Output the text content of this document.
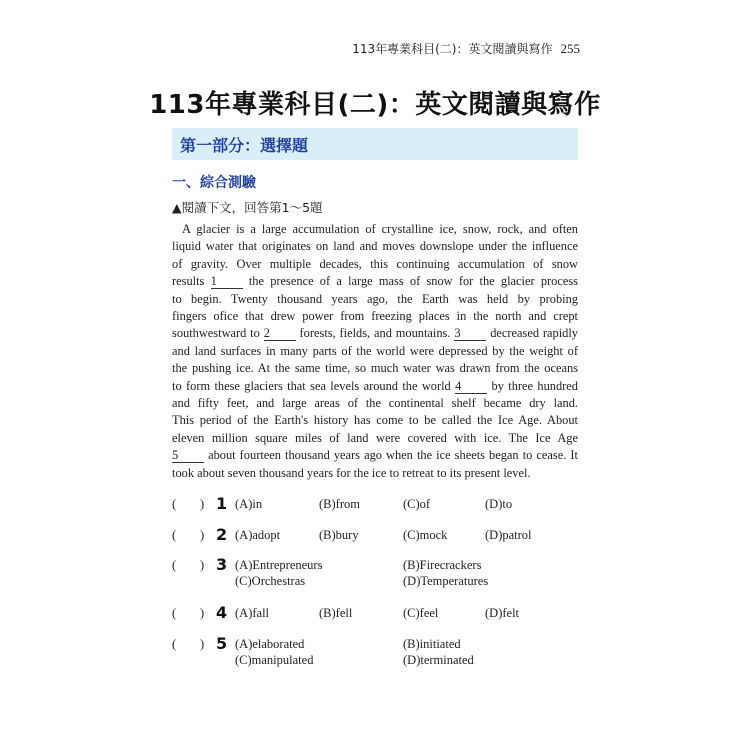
113年專業科目(二)：英文閱讀與寫作 255
113年專業科目(二)：英文閱讀與寫作
第一部分：選擇題
一、綜合測驗
▲閱讀下文，回答第1～5題
A glacier is a large accumulation of crystalline ice, snow, rock, and often
liquid water that originates on land and moves downslope under the influence
of gravity. Over multiple decades, this continuing accumulation of snow
results 1	the presence of a large mass of snow for the glacier process
to begin. Twenty thousand years ago, the Earth was held by probing
fingers ofice that drew power from freezing places in the north and crept
southwestward to 2 forests, fields, and mountains. 3 decreased rapidly
and land surfaces in many parts of the world were depressed by the weight of
the pushing ice. At the same time, so much water was drawn from the oceans
to form these glaciers that sea levels around the world 4 by three hundred
and fifty feet, and large areas of the continental shelf became dry land.
This period of the Earth's history has come to be called the Ice Age. About
eleven million square miles of land were covered with ice. The Ice Age
5 about fourteen thousand years ago when the ice sheets began to cease. It
took about seven thousand years for the ice to retreat to its present level.
( ) 1 (A)in	(B)from	(C)of	(D)to
( ) 2 (A)adopt	(B)bury	(C)mock	(D)patrol
( ) 3 (A)Entrepreneurs	(B)Firecrackers
(C)Orchestras	(D)Temperatures
( ) 4 (A)fall	(B)fell	(C)feel	(D)felt
( ) 5 (A)elaborated	(B)initiated
(C)manipulated	(D)terminated
